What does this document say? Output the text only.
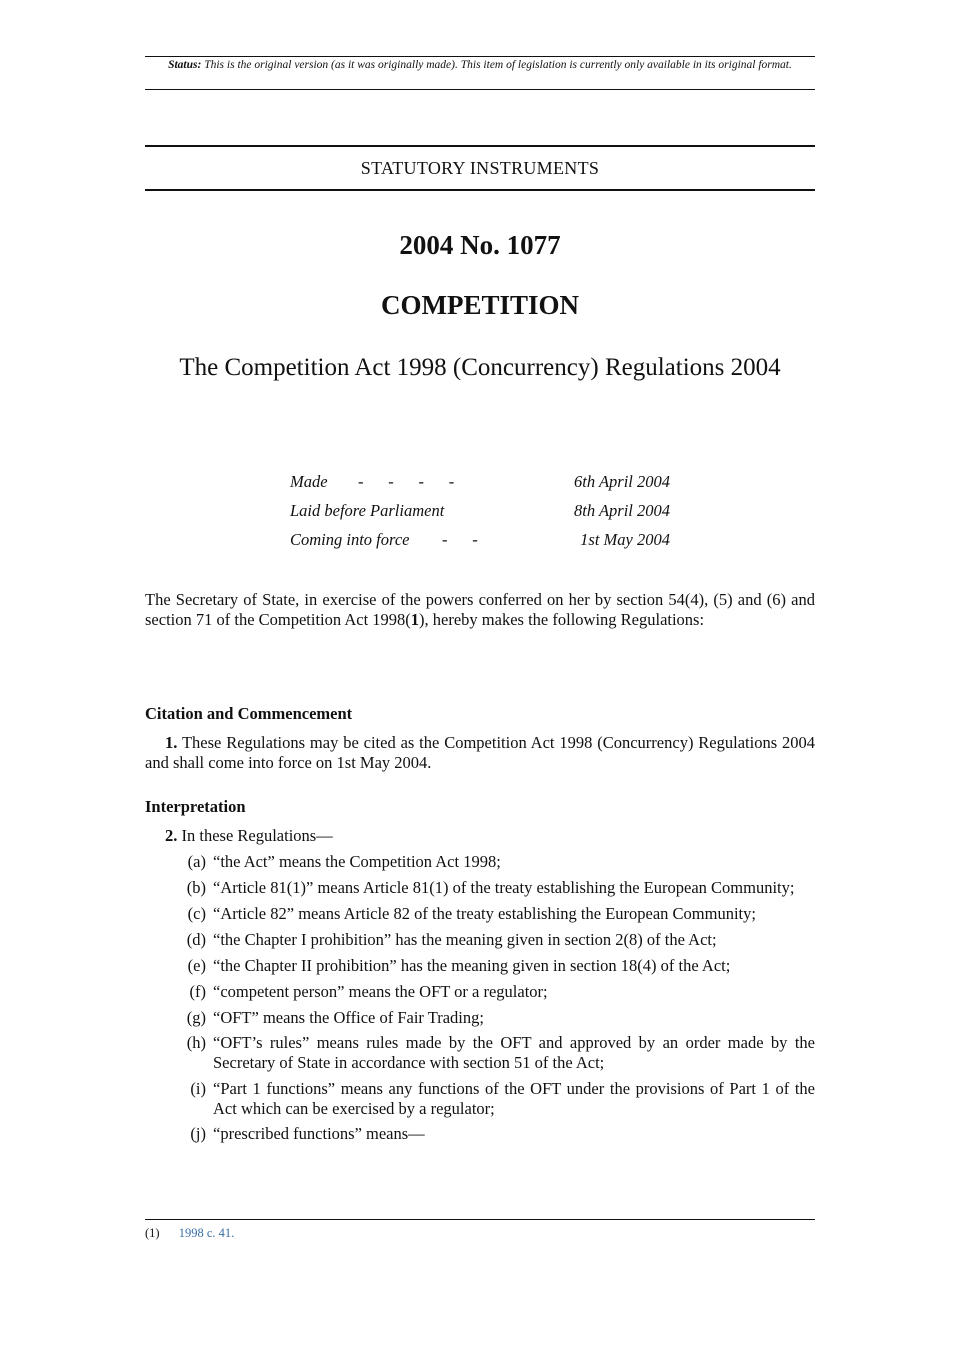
Status: This is the original version (as it was originally made). This item of legislation is currently only available in its original format.
STATUTORY INSTRUMENTS
2004 No. 1077
COMPETITION
The Competition Act 1998 (Concurrency) Regulations 2004
Made -      -      -      -	6th April 2004
Laid before Parliament	8th April 2004
Coming into force -      -	1st May 2004
The Secretary of State, in exercise of the powers conferred on her by section 54(4), (5) and (6) and section 71 of the Competition Act 1998(1), hereby makes the following Regulations:
Citation and Commencement
1. These Regulations may be cited as the Competition Act 1998 (Concurrency) Regulations 2004 and shall come into force on 1st May 2004.
Interpretation
2. In these Regulations—
(a) “the Act” means the Competition Act 1998;
(b) “Article 81(1)” means Article 81(1) of the treaty establishing the European Community;
(c) “Article 82” means Article 82 of the treaty establishing the European Community;
(d) “the Chapter I prohibition” has the meaning given in section 2(8) of the Act;
(e) “the Chapter II prohibition” has the meaning given in section 18(4) of the Act;
(f) “competent person” means the OFT or a regulator;
(g) “OFT” means the Office of Fair Trading;
(h) “OFT’s rules” means rules made by the OFT and approved by an order made by the Secretary of State in accordance with section 51 of the Act;
(i) “Part 1 functions” means any functions of the OFT under the provisions of Part 1 of the Act which can be exercised by a regulator;
(j) “prescribed functions” means—
(1) 1998 c. 41.
